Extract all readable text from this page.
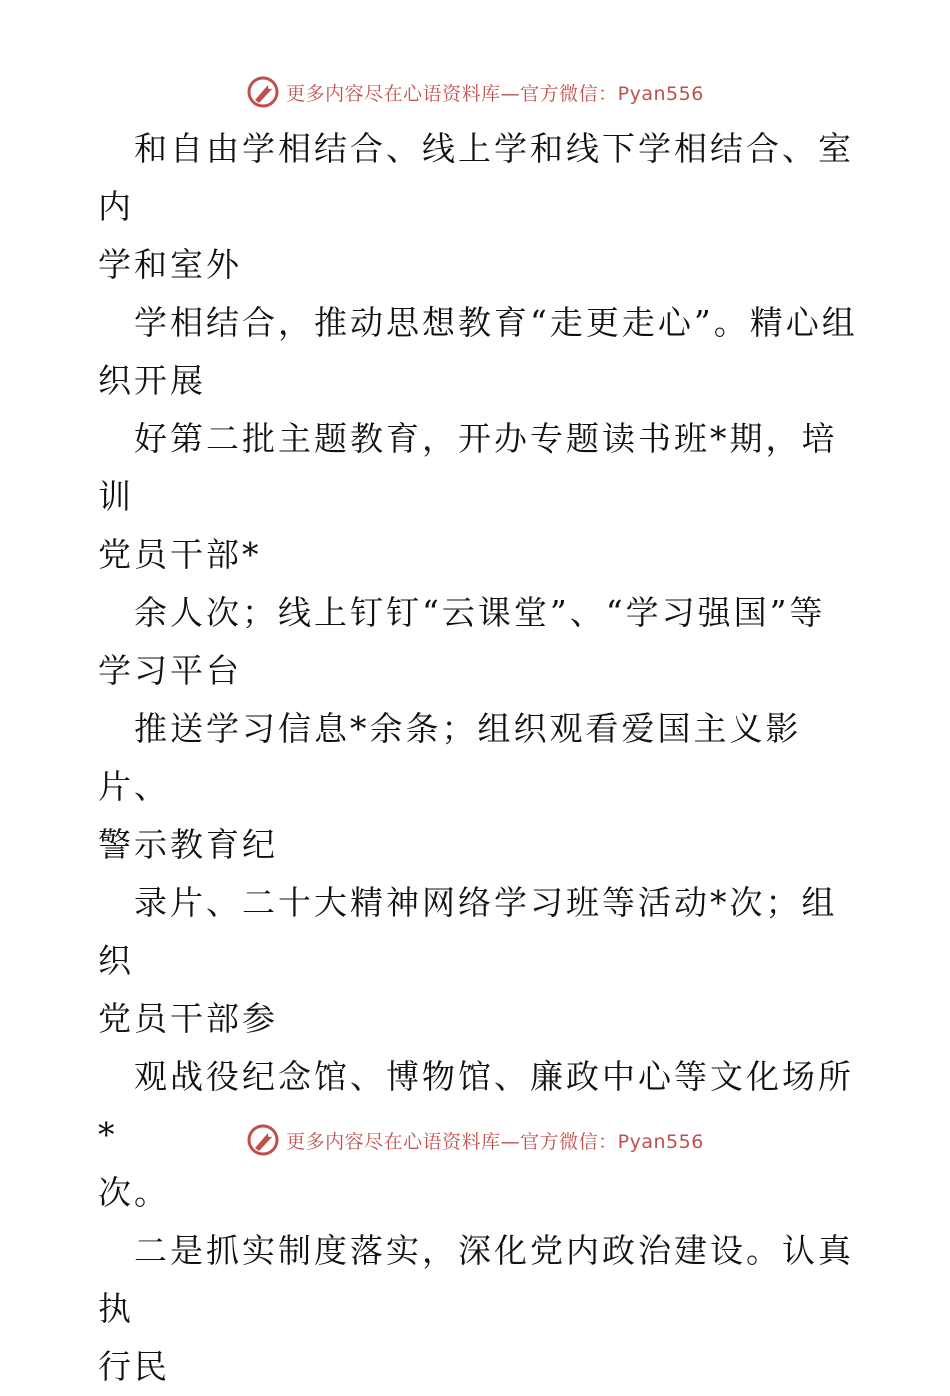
更多内容尽在心语资料库—官方微信：Pyan556

和自由学相结合、线上学和线下学相结合、室内
学和室外

学相结合，推动思想教育“走更走心”。精心组
织开展

好第二批主题教育，开办专题读书班*期，培训
党员干部*

余人次；线上钉钉“云课堂”、“学习强国”等
学习平台

推送学习信息*余条；组织观看爱国主义影片、
警示教育纪

录片、二十大精神网络学习班等活动*次；组织
党员干部参

观战役纪念馆、博物馆、廉政中心等文化场所*
次。

二是抓实制度落实，深化党内政治建设。认真执
行民

更多内容尽在心语资料库—官方微信：Pyan556
